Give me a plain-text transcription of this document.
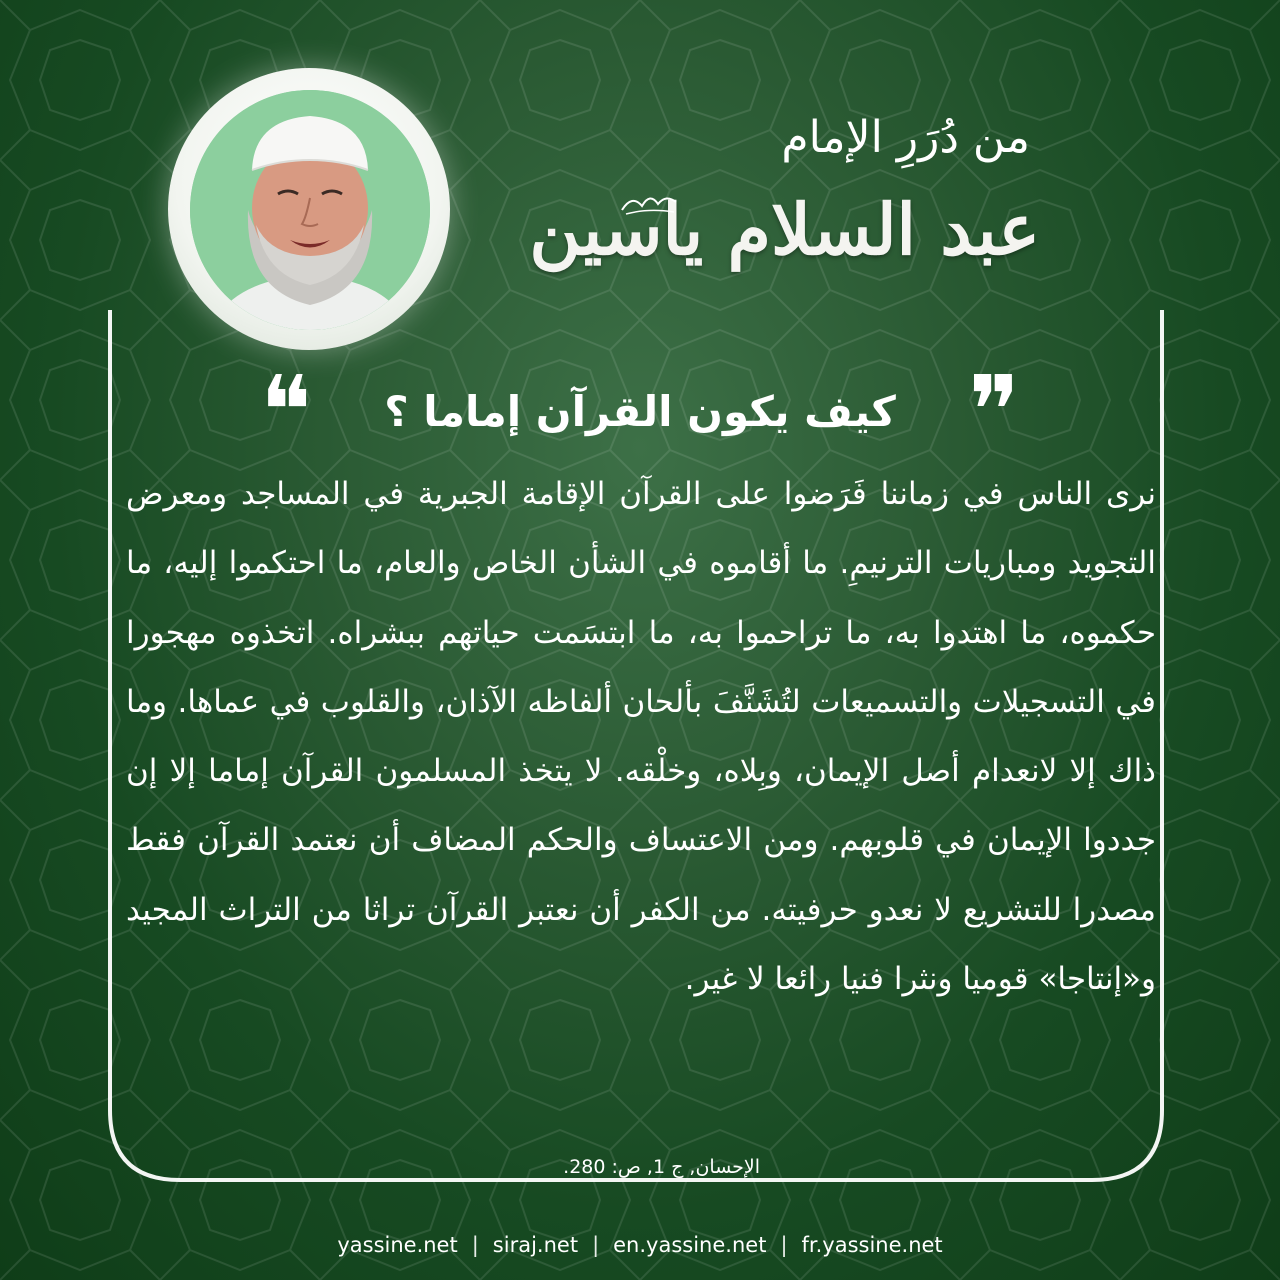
من دُرَرِ الإمام
عبد السلام ياسين
❝ كيف يكون القرآن إماما ؟ ❞
نرى الناس في زماننا فَرَضوا على القرآن الإقامة الجبرية في المساجد ومعرض التجويد ومباريات الترنيمِ. ما أقاموه في الشأن الخاص والعام، ما احتكموا إليه، ما حكموه، ما اهتدوا به، ما تراحموا به، ما ابتسَمت حياتهم ببشراه. اتخذوه مهجورا في التسجيلات والتسميعات لتُشَنَّفَ بألحان ألفاظه الآذان، والقلوب في عماها. وما ذاك إلا لانعدام أصل الإيمان، وبِلاه، وخلْقه. لا يتخذ المسلمون القرآن إماما إلا إن جددوا الإيمان في قلوبهم. ومن الاعتساف والحكم المضاف أن نعتمد القرآن فقط مصدرا للتشريع لا نعدو حرفيته. من الكفر أن نعتبر القرآن تراثا من التراث المجيد و«إنتاجا» قوميا ونثرا فنيا رائعا لا غير.
الإحسان, ج 1, ص: 280.
yassine.net | siraj.net | en.yassine.net | fr.yassine.net
